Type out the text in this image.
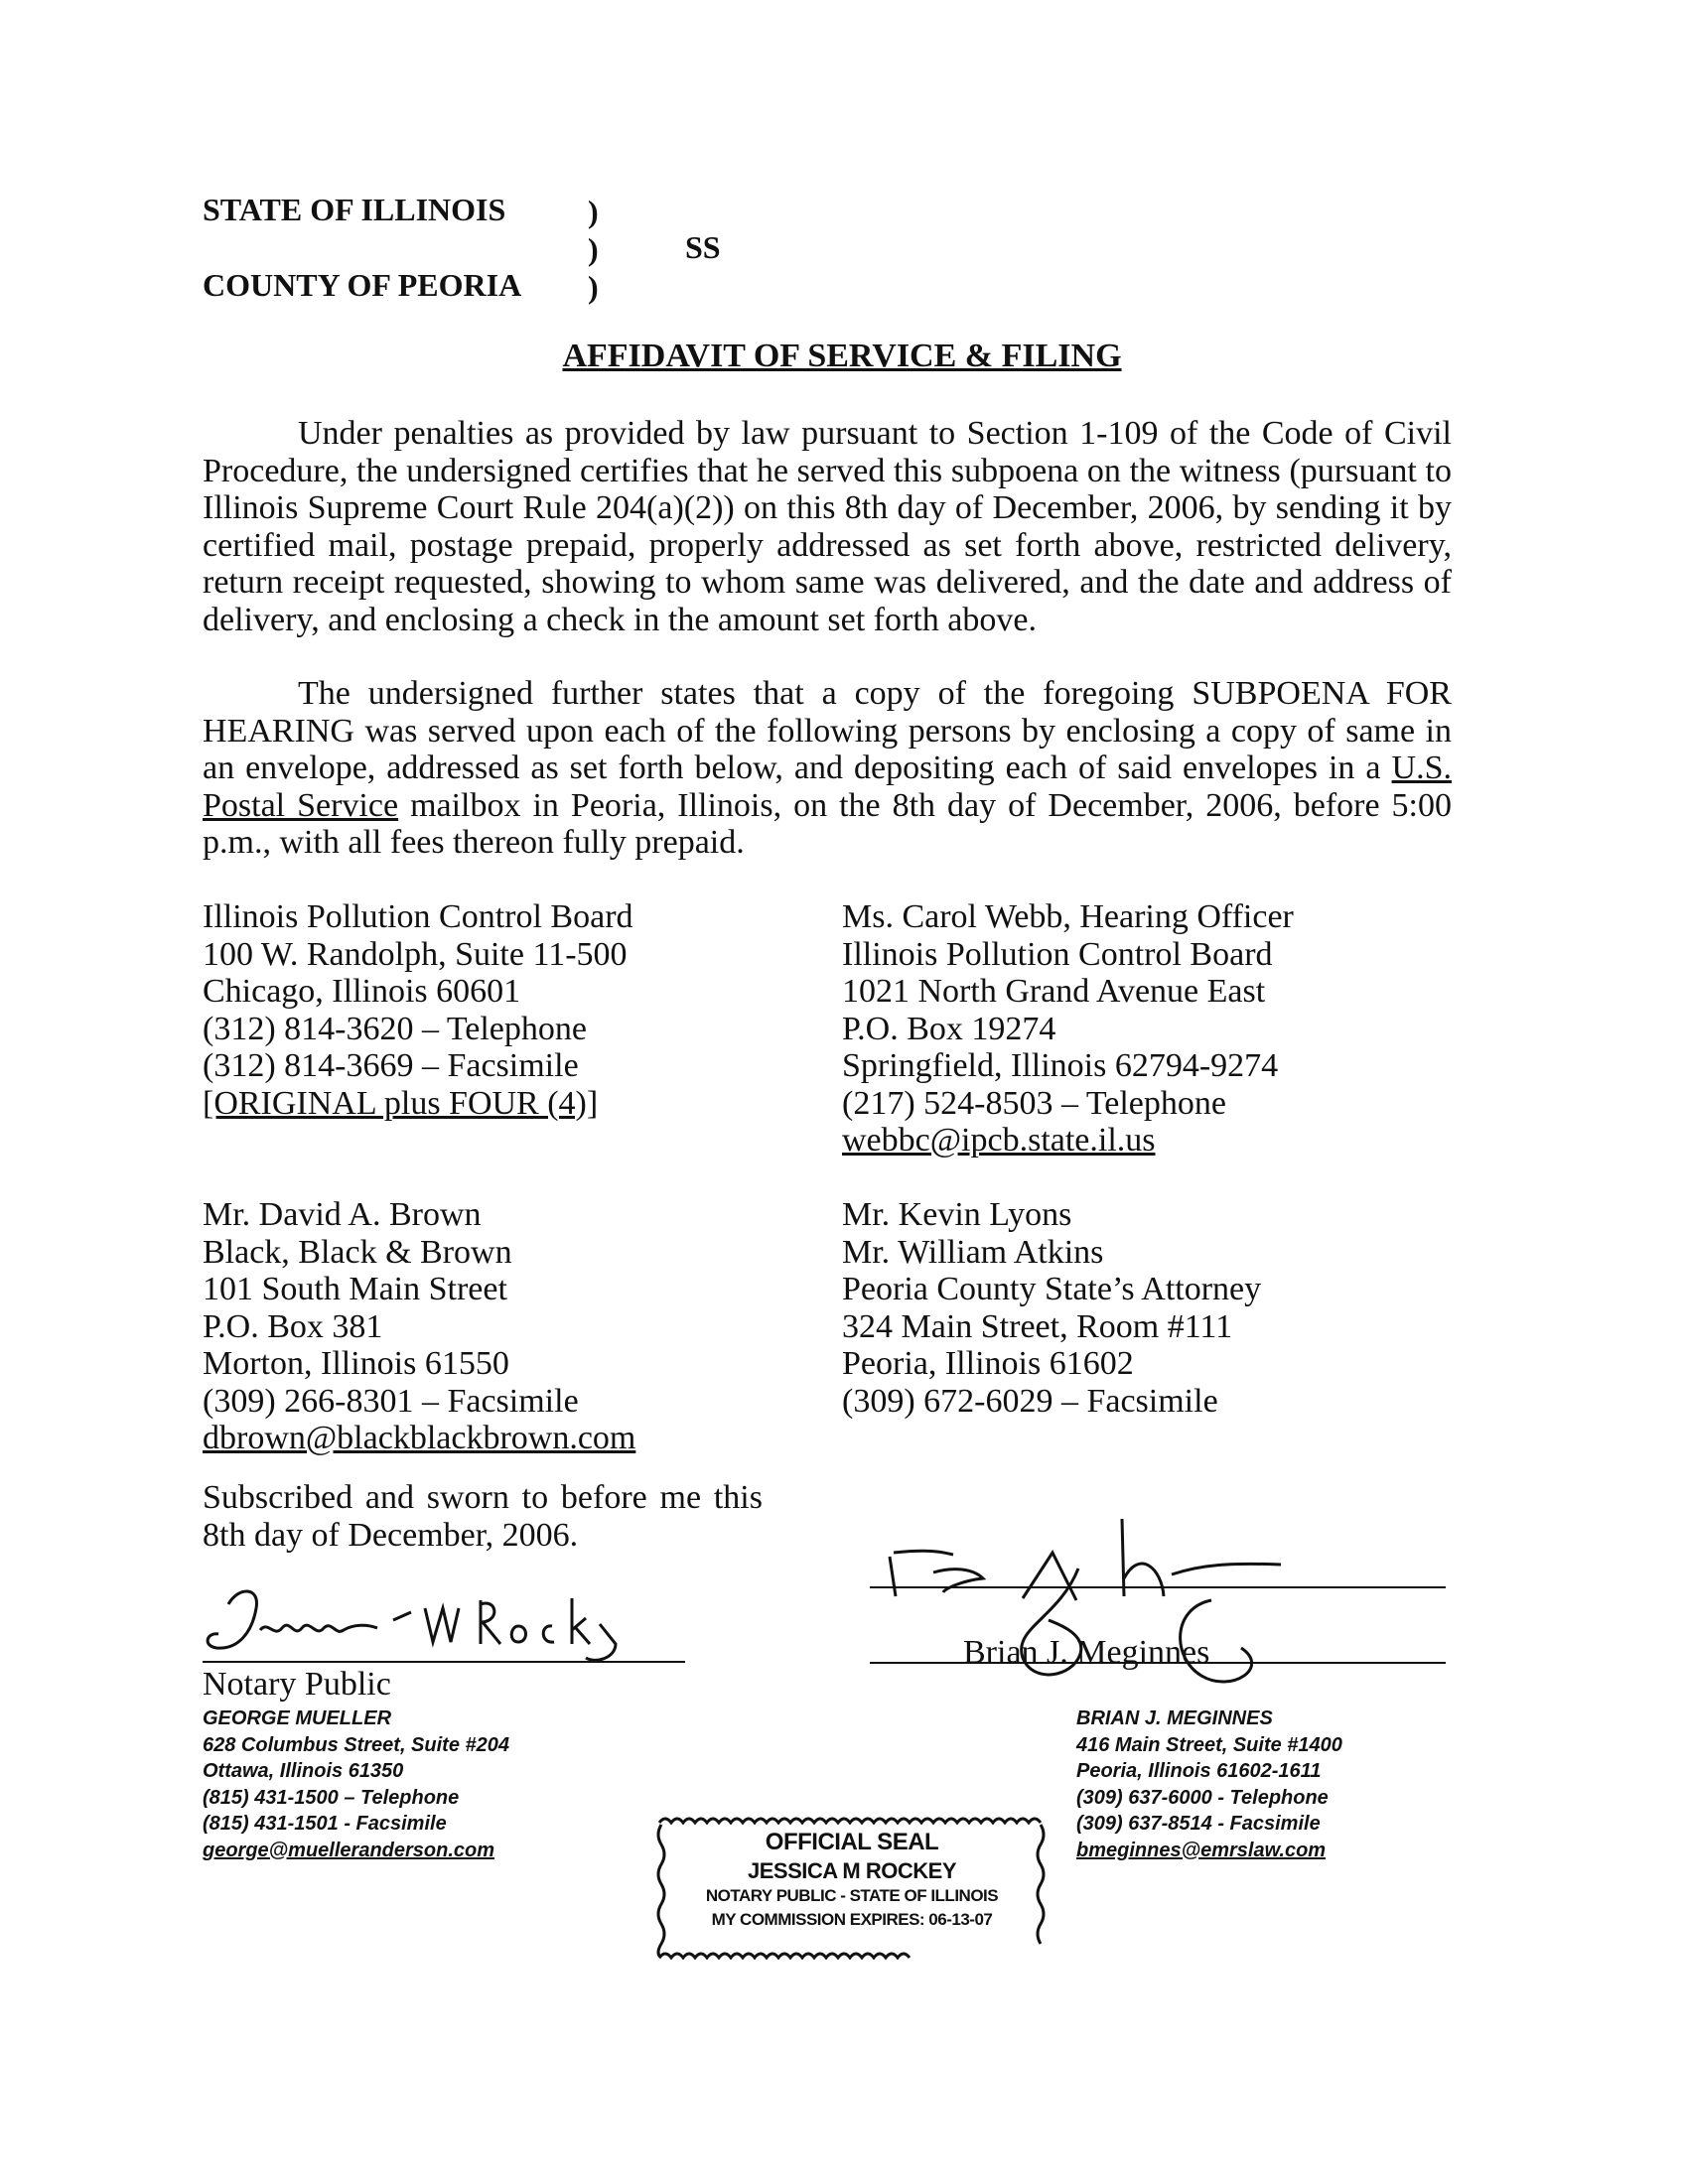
STATE OF ILLINOIS
COUNTY OF PEORIA
)
)
)
SS
AFFIDAVIT OF SERVICE & FILING
Under penalties as provided by law pursuant to Section 1-109 of the Code of Civil Procedure, the undersigned certifies that he served this subpoena on the witness (pursuant to Illinois Supreme Court Rule 204(a)(2)) on this 8th day of December, 2006, by sending it by certified mail, postage prepaid, properly addressed as set forth above, restricted delivery, return receipt requested, showing to whom same was delivered, and the date and address of delivery, and enclosing a check in the amount set forth above.
The undersigned further states that a copy of the foregoing SUBPOENA FOR HEARING was served upon each of the following persons by enclosing a copy of same in an envelope, addressed as set forth below, and depositing each of said envelopes in a U.S. Postal Service mailbox in Peoria, Illinois, on the 8th day of December, 2006, before 5:00 p.m., with all fees thereon fully prepaid.
Illinois Pollution Control Board
100 W. Randolph, Suite 11-500
Chicago, Illinois 60601
(312) 814-3620 – Telephone
(312) 814-3669 – Facsimile
[ORIGINAL plus FOUR (4)]
Ms. Carol Webb, Hearing Officer
Illinois Pollution Control Board
1021 North Grand Avenue East
P.O. Box 19274
Springfield, Illinois 62794-9274
(217) 524-8503 – Telephone
webbc@ipcb.state.il.us
Mr. David A. Brown
Black, Black & Brown
101 South Main Street
P.O. Box 381
Morton, Illinois 61550
(309) 266-8301 – Facsimile
dbrown@blackblackbrown.com
Mr. Kevin Lyons
Mr. William Atkins
Peoria County State’s Attorney
324 Main Street, Room #111
Peoria, Illinois 61602
(309) 672-6029 – Facsimile
Subscribed and sworn to before me this 8th day of December, 2006.
Notary Public
Brian J. Meginnes
GEORGE MUELLER
628 Columbus Street, Suite #204
Ottawa, Illinois 61350
(815) 431-1500 – Telephone
(815) 431-1501 - Facsimile
george@muelleranderson.com
BRIAN J. MEGINNES
416 Main Street, Suite #1400
Peoria, Illinois 61602-1611
(309) 637-6000 - Telephone
(309) 637-8514 - Facsimile
bmeginnes@emrslaw.com
OFFICIAL SEAL
JESSICA M ROCKEY
NOTARY PUBLIC - STATE OF ILLINOIS
MY COMMISSION EXPIRES: 06-13-07
